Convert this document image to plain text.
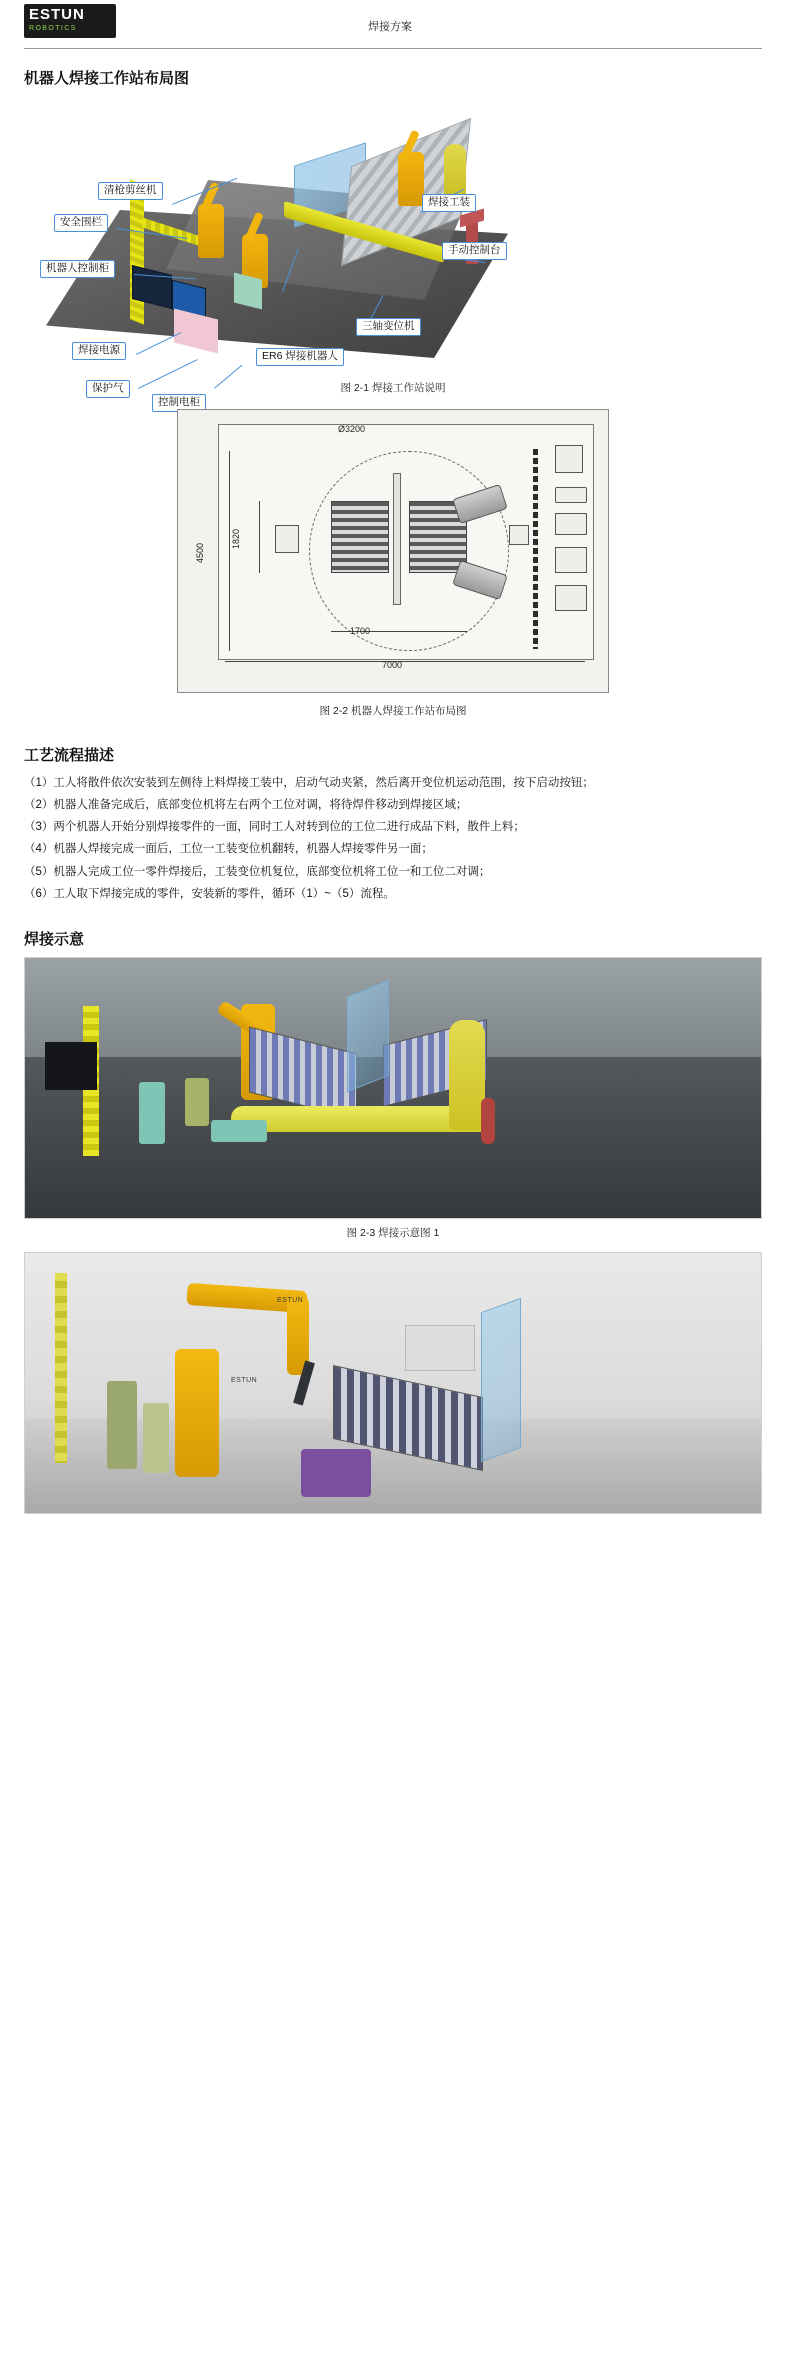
ESTUN
ROBOTICS	焊接方案
机器人焊接工作站布局图
清枪剪丝机
安全围栏
机器人控制柜
焊接电源
保护气
控制电柜
ER6 焊接机器人
三轴变位机
焊接工装
手动控制台
图 2-1 焊接工作站说明
4500
1820
Ø3200
1700
7000
图 2-2 机器人焊接工作站布局图
工艺流程描述

（1）工人将散件依次安装到左侧待上料焊接工装中，启动气动夹紧，然后离开变位机运动范围，按下启动按钮；

（2）机器人准备完成后，底部变位机将左右两个工位对调，将待焊件移动到焊接区域；

（3）两个机器人开始分别焊接零件的一面，同时工人对转到位的工位二进行成品下料，散件上料；

（4）机器人焊接完成一面后，工位一工装变位机翻转，机器人焊接零件另一面；

（5）机器人完成工位一零件焊接后，工装变位机复位，底部变位机将工位一和工位二对调；

（6）工人取下焊接完成的零件，安装新的零件，循环（1）~（5）流程。

焊接示意
图 2-3 焊接示意图 1
ESTUN
ESTUN
